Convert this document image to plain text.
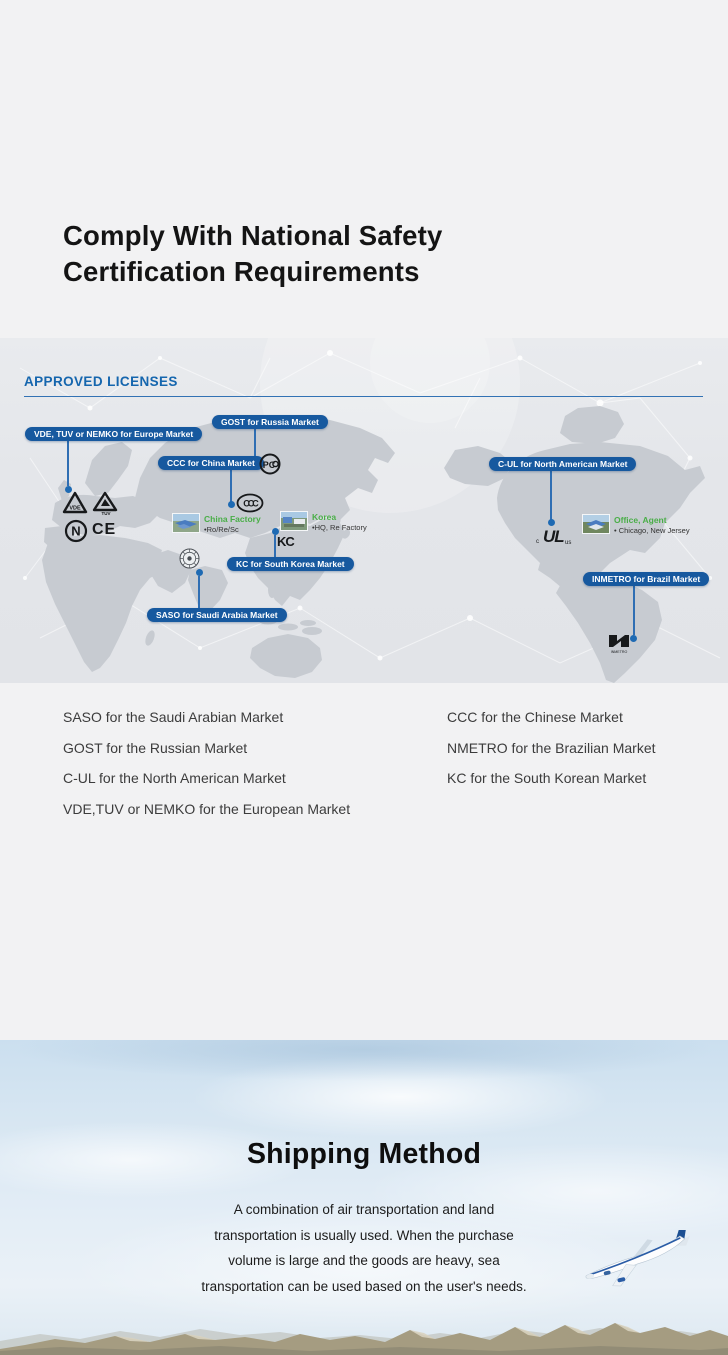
Comply With National Safety
Certification Requirements
APPROVED LICENSES
VDE, TUV or NEMKO for Europe Market
GOST for Russia Market
CCC for China Market	C-UL for North American Market
KC for South Korea Market
SASO for Saudi Arabia Market
INMETRO for Brazil Market
VDE
TUV
N CE
PC
CCC
KC	c UL us
INMETRO
China Factory
•Ro/Re/Sc
Korea
•HQ, Re Factory
Office, Agent
• Chicago, New Jersey
SASO for the Saudi Arabian Market
GOST for the Russian Market
C-UL for the North American Market
VDE,TUV or NEMKO for the European Market
CCC for the Chinese Market
NMETRO for the Brazilian Market
KC for the South Korean Market
Shipping Method
A combination of air transportation and land
transportation is usually used. When the purchase
volume is large and the goods are heavy, sea
transportation can be used based on the user's needs.
